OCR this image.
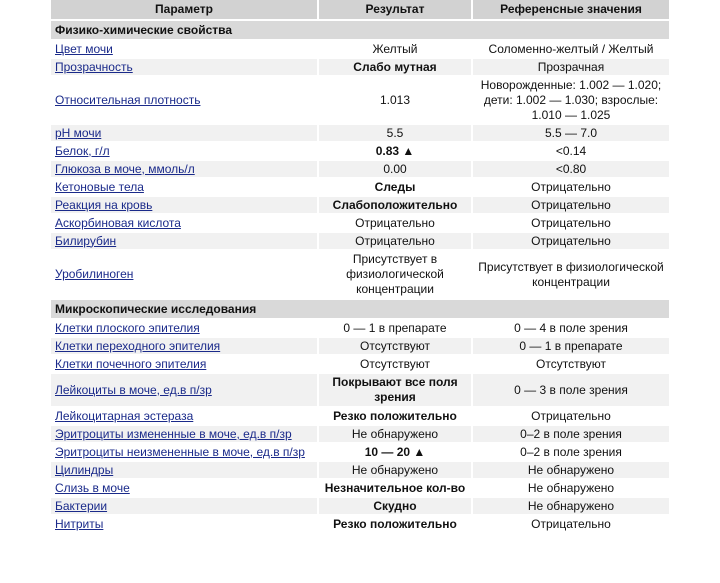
Параметр	Результат	Референсные значения
Физико-химические свойства		
Цвет мочи	Желтый	Соломенно-желтый / Желтый
Прозрачность	Слабо мутная	Прозрачная
Относительная плотность	1.013	Новорожденные: 1.002 — 1.020; дети: 1.002 — 1.030; взрослые: 1.010 — 1.025
pH мочи	5.5	5.5 — 7.0
Белок, г/л	0.83 ▲	<0.14
Глюкоза в моче, ммоль/л	0.00	<0.80
Кетоновые тела	Следы	Отрицательно
Реакция на кровь	Слабоположительно	Отрицательно
Аскорбиновая кислота	Отрицательно	Отрицательно
Билирубин	Отрицательно	Отрицательно
Уробилиноген	Присутствует в физиологической концентрации	Присутствует в физиологической концентрации
Микроскопические исследования		
Клетки плоского эпителия	0 — 1 в препарате	0 — 4 в поле зрения
Клетки переходного эпителия	Отсутствуют	0 — 1 в препарате
Клетки почечного эпителия	Отсутствуют	Отсутствуют
Лейкоциты в моче, ед.в п/зр	Покрывают все поля зрения	0 — 3 в поле зрения
Лейкоцитарная эстераза	Резко положительно	Отрицательно
Эритроциты измененные в моче, ед.в п/зр	Не обнаружено	0–2 в поле зрения
Эритроциты неизмененные в моче, ед.в п/зр	10 — 20 ▲	0–2 в поле зрения
Цилиндры	Не обнаружено	Не обнаружено
Слизь в моче	Незначительное кол-во	Не обнаружено
Бактерии	Скудно	Не обнаружено
Нитриты	Резко положительно	Отрицательно
